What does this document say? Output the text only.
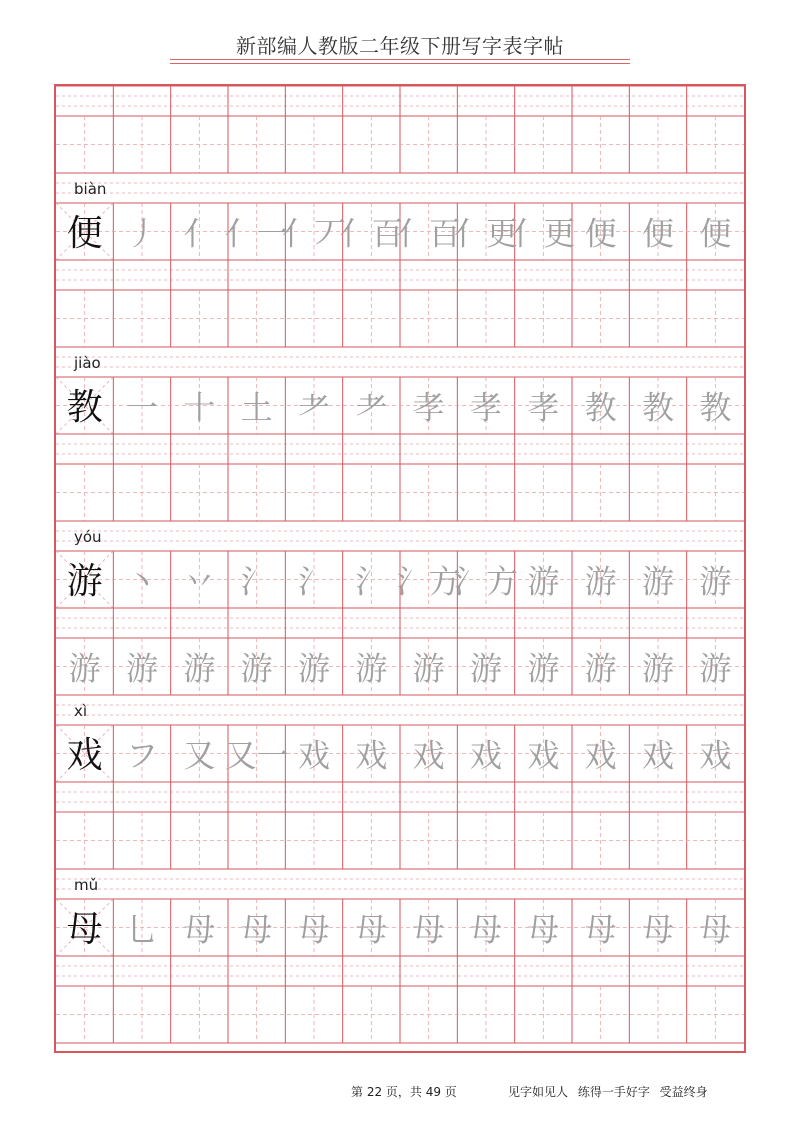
新部编人教版二年级下册写字表字帖
biàn
便 丿 亻 亻一
亻丆
亻百
亻百
亻更
亻更 便 便 便
jiào
教 一 十 土 耂 耂 孝 孝 孝 教 教 教
yóu
游 丶 丷 氵 氵 氵 氵方
氵方 游 游 游 游
游 游 游 游 游 游 游 游 游 游 游 游
xì
戏 フ 又 又一 戏 戏 戏 戏 戏 戏 戏 戏
mǔ
母 乚 母 母 母 母 母 母 母 母 母 母
第 22 页，共 49 页	见字如见人 练得一手好字 受益终身
